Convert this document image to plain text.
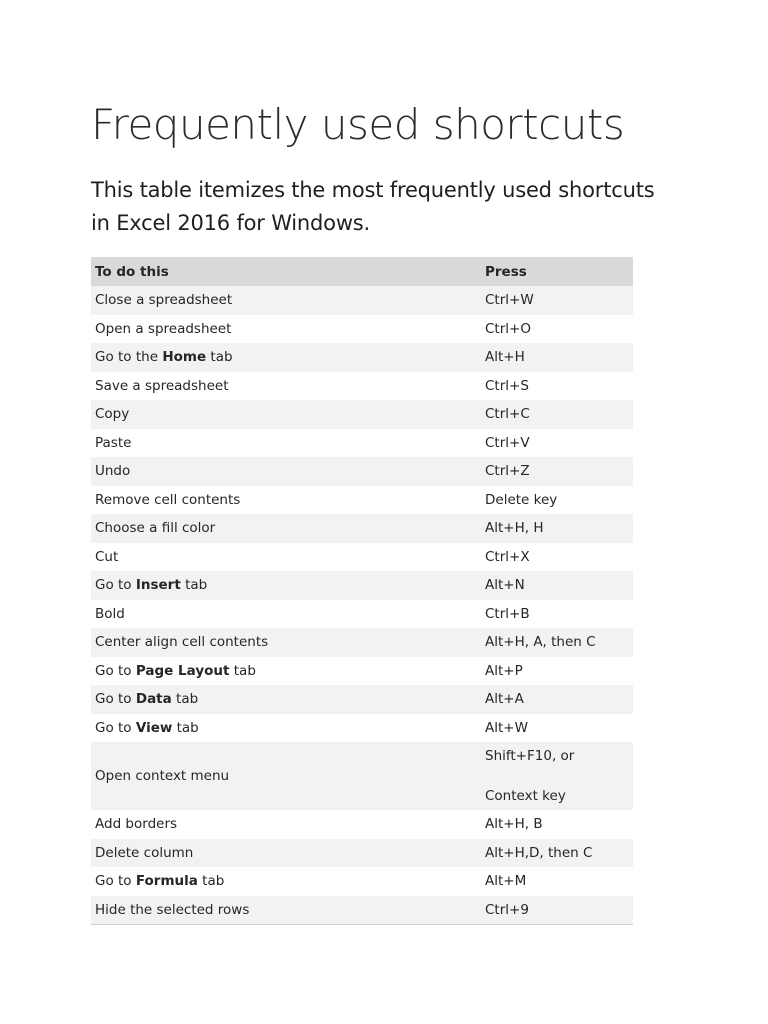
Frequently used shortcuts

This table itemizes the most frequently used shortcuts in Excel 2016 for Windows.

To do this	Press
Close a spreadsheet	Ctrl+W
Open a spreadsheet	Ctrl+O
Go to the Home tab	Alt+H
Save a spreadsheet	Ctrl+S
Copy	Ctrl+C
Paste	Ctrl+V
Undo	Ctrl+Z
Remove cell contents	Delete key
Choose a fill color	Alt+H, H
Cut	Ctrl+X
Go to Insert tab	Alt+N
Bold	Ctrl+B
Center align cell contents	Alt+H, A, then C
Go to Page Layout tab	Alt+P
Go to Data tab	Alt+A
Go to View tab	Alt+W
Open context menu	Shift+F10, or
Context key

Add borders	Alt+H, B
Delete column	Alt+H,D, then C
Go to Formula tab	Alt+M
Hide the selected rows	Ctrl+9
